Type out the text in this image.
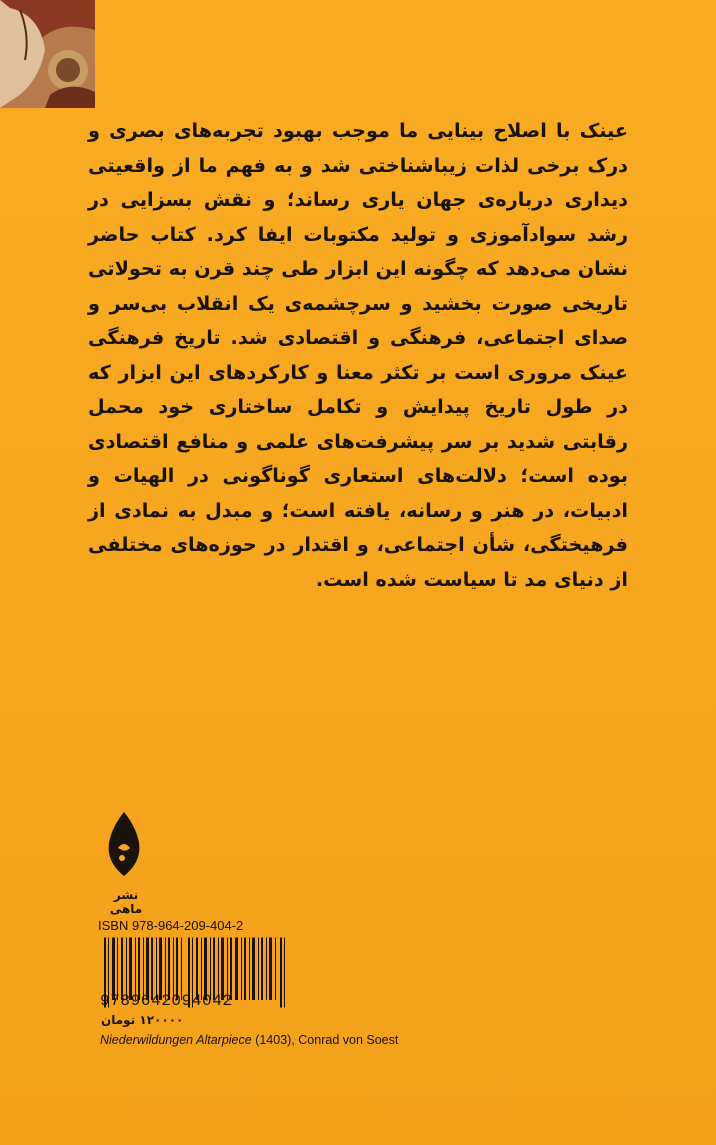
عینک با اصلاح بینایی ما موجب بهبود تجربه‌های بصری و درک برخی لذات زیباشناختی شد و به فهم ما از واقعیتی دیداری درباره‌ی جهان یاری رساند؛ و نقش بسزایی در رشد سوادآموزی و تولید مکتوبات ایفا کرد. کتاب حاضر نشان می‌دهد که چگونه این ابزار طی چند قرن به تحولاتی تاریخی صورت بخشید و سرچشمه‌ی یک انقلاب بی‌سر و صدای اجتماعی، فرهنگی و اقتصادی شد. تاریخ فرهنگی عینک مروری است بر تکثر معنا و کارکردهای این ابزار که در طول تاریخ پیدایش و تکامل ساختاری خود محمل رقابتی شدید بر سر پیشرفت‌های علمی و منافع اقتصادی بوده است؛ دلالت‌های استعاری گوناگونی در الهیات و ادبیات، در هنر و رسانه، یافته است؛ و مبدل به نمادی از فرهیختگی، شأن اجتماعی، و اقتدار در حوزه‌های مختلفی از دنیای مد تا سیاست شده است.
نشر ماهی
ISBN 978-964-209-404-2
9789642094042
۱۲۰۰۰۰ تومان
Niederwildungen Altarpiece (1403), Conrad von Soest
